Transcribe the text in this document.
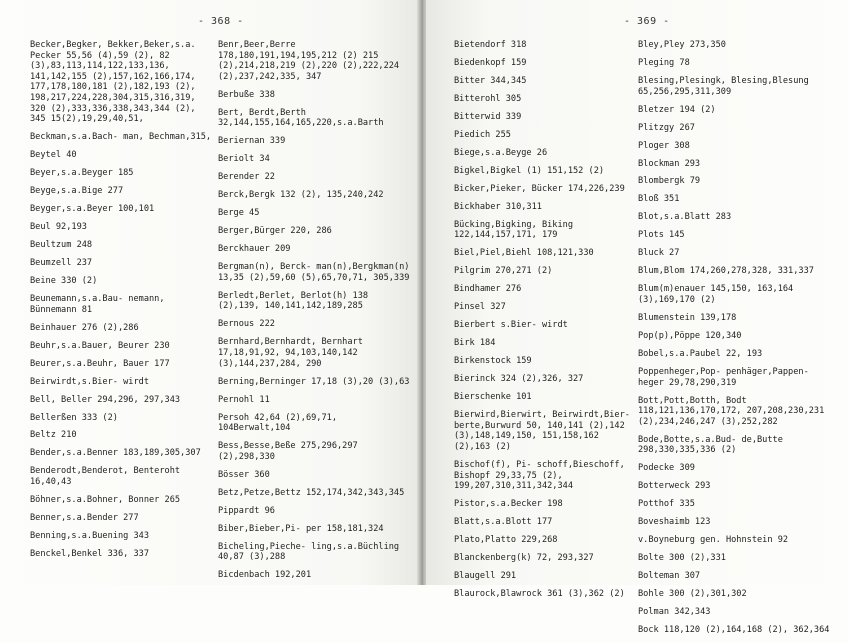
- 368 -
Becker,Begker, Bekker,Beker,s.a. Pecker 55,56 (4),59 (2), 82 (3),83,113,114,122,133,136, 141,142,155 (2),157,162,166,174, 177,178,180,181 (2),182,193 (2), 198,217,224,228,304,315,316,319, 320 (2),333,336,338,343,344 (2), 345 15(2),19,29,40,51,
Beckman,s.a.Bach- man, Bechman,315,
Beytel 40
Beyer,s.a.Beyger 185
Beyge,s.a.Bige 277
Beyger,s.a.Beyer 100,101
Beul 92,193
Beultzum 248
Beumzell 237
Beine 330 (2)
Beunemann,s.a.Bau- nemann, Bünnemann 81
Beinhauer 276 (2),286
Beuhr,s.a.Bauer, Beurer 230
Beurer,s.a.Beuhr, Bauer 177
Beirwirdt,s.Bier- wirdt
Bell, Beller 294,296, 297,343
Bellerßen 333 (2)
Beltz 210
Bender,s.a.Benner 183,189,305,307
Benderodt,Benderot, Benteroht 16,40,43
Böhner,s.a.Bohner, Bonner 265
Benner,s.a.Bender 277
Benning,s.a.Buening 343
Benckel,Benkel 336, 337
Benr,Beer,Berre 178,180,191,194,195,212 (2) 215 (2),214,218,219 (2),220 (2),222,224 (2),237,242,335, 347
Berbuße 338
Bert, Berdt,Berth 32,144,155,164,165,220,s.a.Barth
Beriernan 339
Beriolt 34
Berender 22
Berck,Bergk 132 (2), 135,240,242
Berge 45
Berger,Bürger 220, 286
Berckhauer 209
Bergman(n), Berck- man(n),Bergkman(n) 13,35 (2),59,60 (5),65,70,71, 305,339
Berledt,Berlet, Berlot(h) 138 (2),139, 140,141,142,189,285
Bernous 222
Bernhard,Bernhardt, Bernhart 17,18,91,92, 94,103,140,142 (3),144,237,284, 290
Berning,Berninger 17,18 (3),20 (3),63
Pernohl 11
Persoh 42,64 (2),69,71, 104Berwalt,104
Bess,Besse,Beße 275,296,297 (2),298,330
Bösser 360
Betz,Petze,Bettz 152,174,342,343,345
Pippardt 96
Biber,Bieber,Pi- per 158,181,324
Bicheling,Pieche- ling,s.a.Büchling 40,87 (3),288
Bicdenbach 192,201
- 369 -
Bietendorf 318
Biedenkopf 159
Bitter 344,345
Bitterohl 305
Bitterwid 339
Piedich 255
Biege,s.a.Beyge 26
Bigkel,Bigkel (1) 151,152 (2)
Bicker,Pieker, Bücker 174,226,239
Bickhaber 310,311
Bücking,Bigking, Biking 122,144,157,171, 179
Biel,Piel,Biehl 108,121,330
Pilgrim 270,271 (2)
Bindhamer 276
Pinsel 327
Bierbert s.Bier- wirdt
Birk 184
Birkenstock 159
Bierinck 324 (2),326, 327
Bierschenke 101
Bierwird,Bierwirt, Beirwirdt,Bier- berte,Burwurd 50, 140,141 (2),142 (3),148,149,150, 151,158,162 (2),163 (2)
Bischof(f), Pi- schoff,Bieschoff, Bishopf 29,33,75 (2), 199,207,310,311,342,344
Pistor,s.a.Becker 198
Blatt,s.a.Blott 177
Plato,Platto 229,268
Blanckenberg(k) 72, 293,327
Blaugell 291
Blaurock,Blawrock 361 (3),362 (2)
Bley,Pley 273,350
Pleging 78
Blesing,Plesingk, Blesing,Blesung 65,256,295,311,309
Bletzer 194 (2)
Plitzgy 267
Ploger 308
Blockman 293
Blombergk 79
Bloß 351
Blot,s.a.Blatt 283
Plots 145
Bluck 27
Blum,Blom 174,260,278,328, 331,337
Blum(m)enauer 145,150, 163,164 (3),169,170 (2)
Blumenstein 139,178
Pop(p),Pöppe 120,340
Bobel,s.a.Paubel 22, 193
Poppenheger,Pop- penhäger,Pappen- heger 29,78,290,319
Bott,Pott,Botth, Bodt 118,121,136,170,172, 207,208,230,231 (2),234,246,247 (3),252,282
Bode,Botte,s.a.Bud- de,Butte 298,330,335,336 (2)
Podecke 309
Botterweck 293
Potthof 335
Boveshaimb 123
v.Boyneburg gen. Hohnstein 92
Bolte 300 (2),331
Bolteman 307
Bohle 300 (2),301,302
Polman 342,343
Bock 118,120 (2),164,168 (2), 362,364
